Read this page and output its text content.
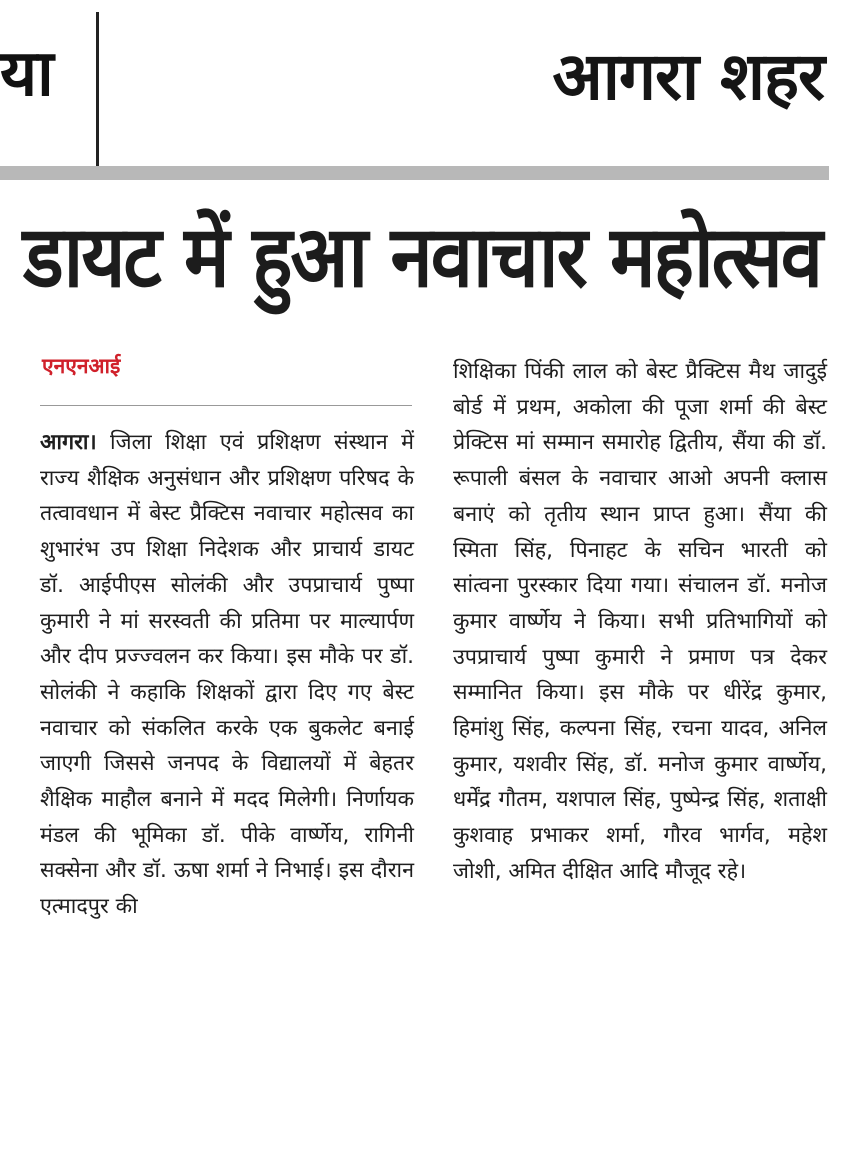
या	आगरा शहर
डायट में हुआ नवाचार महोत्सव
एनएनआई
आगरा। जिला शिक्षा एवं प्रशिक्षण संस्थान में राज्य शैक्षिक अनुसंधान और प्रशिक्षण परिषद के तत्वावधान में बेस्ट प्रैक्टिस नवाचार महोत्सव का शुभारंभ उप शिक्षा निदेशक और प्राचार्य डायट डॉ. आईपीएस सोलंकी और उपप्राचार्य पुष्पा कुमारी ने मां सरस्वती की प्रतिमा पर माल्यार्पण और दीप प्रज्ज्वलन कर किया। इस मौके पर डॉ. सोलंकी ने कहाकि शिक्षकों द्वारा दिए गए बेस्ट नवाचार को संकलित करके एक बुकलेट बनाई जाएगी जिससे जनपद के विद्यालयों में बेहतर शैक्षिक माहौल बनाने में मदद मिलेगी। निर्णायक मंडल की भूमिका डॉ. पीके वार्ष्णेय, रागिनी सक्सेना और डॉ. ऊषा शर्मा ने निभाई। इस दौरान एत्मादपुर की
शिक्षिका पिंकी लाल को बेस्ट प्रैक्टिस मैथ जादुई बोर्ड में प्रथम, अकोला की पूजा शर्मा की बेस्ट प्रेक्टिस मां सम्मान समारोह द्वितीय, सैंया की डॉ. रूपाली बंसल के नवाचार आओ अपनी क्लास बनाएं को तृतीय स्थान प्राप्त हुआ। सैंया की स्मिता सिंह, पिनाहट के सचिन भारती को सांत्वना पुरस्कार दिया गया। संचालन डॉ. मनोज कुमार वार्ष्णेय ने किया। सभी प्रतिभागियों को उपप्राचार्य पुष्पा कुमारी ने प्रमाण पत्र देकर सम्मानित किया। इस मौके पर धीरेंद्र कुमार, हिमांशु सिंह, कल्पना सिंह, रचना यादव, अनिल कुमार, यशवीर सिंह, डॉ. मनोज कुमार वार्ष्णेय, धर्मेंद्र गौतम, यशपाल सिंह, पुष्पेन्द्र सिंह, शताक्षी कुशवाह प्रभाकर शर्मा, गौरव भार्गव, महेश जोशी, अमित दीक्षित आदि मौजूद रहे।
